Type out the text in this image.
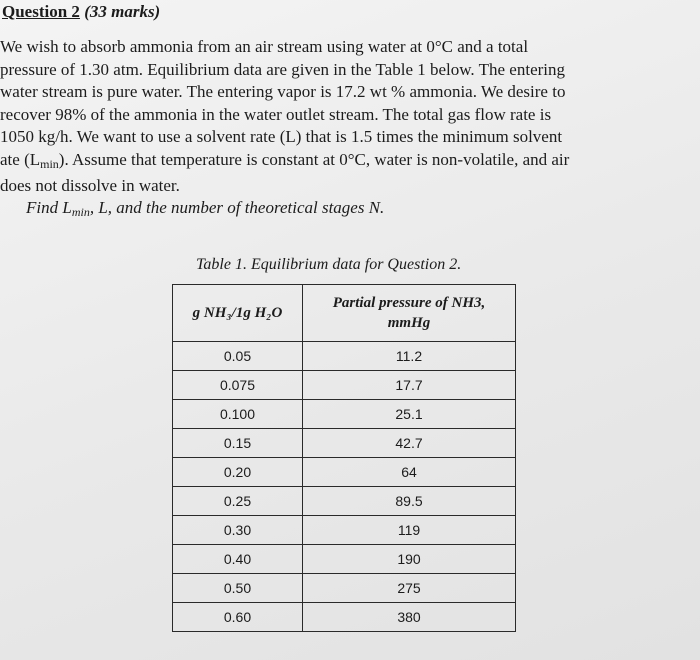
Question 2 (33 marks)

We wish to absorb ammonia from an air stream using water at 0°C and a total
pressure of 1.30 atm. Equilibrium data are given in the Table 1 below. The entering
water stream is pure water. The entering vapor is 17.2 wt % ammonia. We desire to
recover 98% of the ammonia in the water outlet stream. The total gas flow rate is
1050 kg/h. We want to use a solvent rate (L) that is 1.5 times the minimum solvent
ate $(L_{min})$. Assume that temperature is constant at 0°C, water is non-volatile, and air
does not dissolve in water.

Find $L_{min}$, L, and the number of theoretical stages N.
Table 1. Equilibrium data for Question 2.
g NH₃/1g H₂O	Partial pressure of NH3,
mmHg
0.05	11.2
0.075	17.7
0.100	25.1
0.15	42.7
0.20	64
0.25	89.5
0.30	119
0.40	190
0.50	275
0.60	380
